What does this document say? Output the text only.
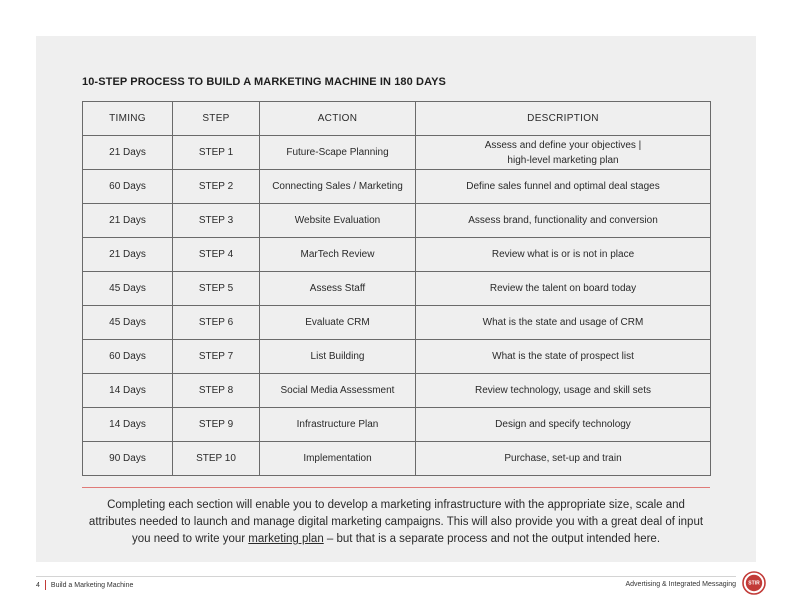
10-STEP PROCESS TO BUILD A MARKETING MACHINE IN 180 DAYS
TIMING	STEP	ACTION	DESCRIPTION
21 Days	STEP 1	Future-Scape Planning	Assess and define your objectives |
high-level marketing plan

60 Days	STEP 2	Connecting Sales / Marketing	Define sales funnel and optimal deal stages
21 Days	STEP 3	Website Evaluation	Assess brand, functionality and conversion
21 Days	STEP 4	MarTech Review	Review what is or is not in place
45 Days	STEP 5	Assess Staff	Review the talent on board today
45 Days	STEP 6	Evaluate CRM	What is the state and usage of CRM
60 Days	STEP 7	List Building	What is the state of prospect list
14 Days	STEP 8	Social Media Assessment	Review technology, usage and skill sets
14 Days	STEP 9	Infrastructure Plan	Design and specify technology
90 Days	STEP 10	Implementation	Purchase, set-up and train

Completing each section will enable you to develop a marketing infrastructure with the appropriate size, scale and attributes needed to launch and manage digital marketing campaigns. This will also provide you with a great deal of input you need to write your marketing plan – but that is a separate process and not the output intended here.

4 Build a Marketing Machine	Advertising & Integrated Messaging STIR
